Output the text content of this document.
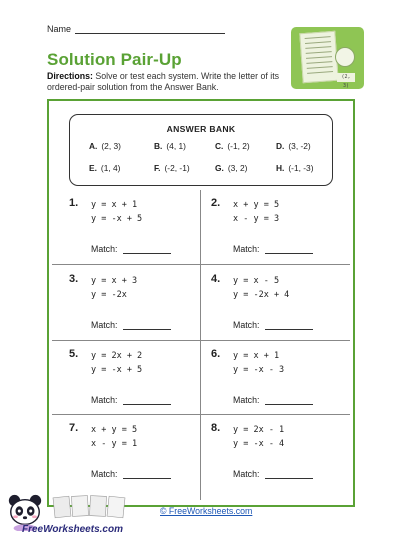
Name
Solution Pair-Up
Directions: Solve or test each system. Write the letter of its ordered-pair solution from the Answer Bank.
(2, 3)
ANSWER BANK
A. (2, 3)	B. (4, 1)	C. (-1, 2)	D. (3, -2)
E. (1, 4)	F. (-2, -1)	G. (3, 2)	H. (-1, -3)
1. y = x + 1
y = -x + 5
Match:
2. x + y = 5
x - y = 3
Match:
3. y = x + 3
y = -2x
Match:
4. y = x - 5
y = -2x + 4
Match:
5. y = 2x + 2
y = -x + 5
Match:
6. y = x + 1
y = -x - 3
Match:
7. x + y = 5
x - y = 1
Match:
8. y = 2x - 1
y = -x - 4
Match:
FreeWorksheets.com
© FreeWorksheets.com
